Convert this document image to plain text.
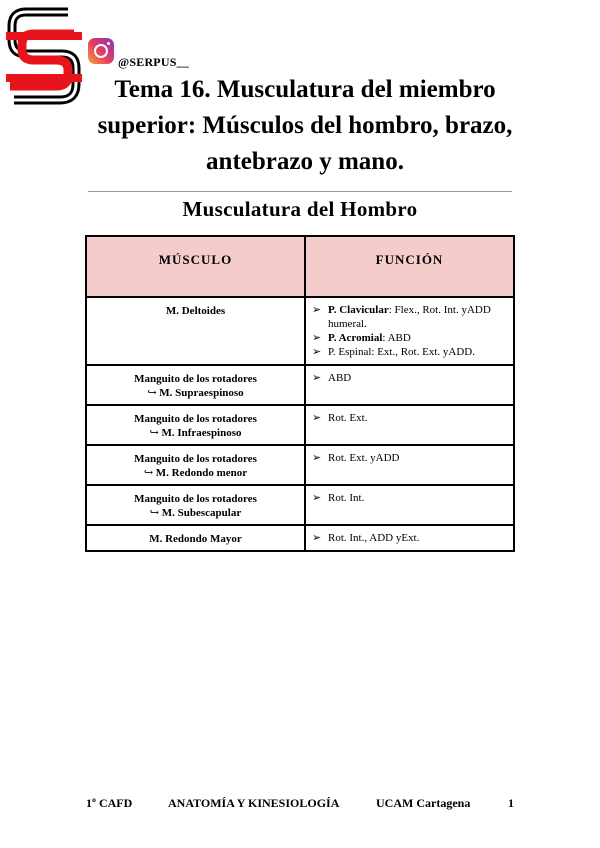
@SERPUS__
Tema 16. Musculatura del miembro superior: Músculos del hombro, brazo, antebrazo y mano.
Musculatura del Hombro
MÚSCULO	FUNCIÓN
M. Deltoides	➢ P. Clavicular: Flex., Rot. Int. yADD
humeral.
➢ P. Acromial: ABD
➢ P. Espinal: Ext., Rot. Ext. yADD.

Manguito de los rotadores
↪ M. Supraespinoso	➢ ABD

Manguito de los rotadores
↪ M. Infraespinoso	➢ Rot. Ext.

Manguito de los rotadores
↪ M. Redondo menor	➢ Rot. Ext. yADD

Manguito de los rotadores
↪ M. Subescapular	➢ Rot. Int.

M. Redondo Mayor	➢ Rot. Int., ADD yExt.
1º CAFD	ANATOMÍA Y KINESIOLOGÍA	UCAM Cartagena	1
